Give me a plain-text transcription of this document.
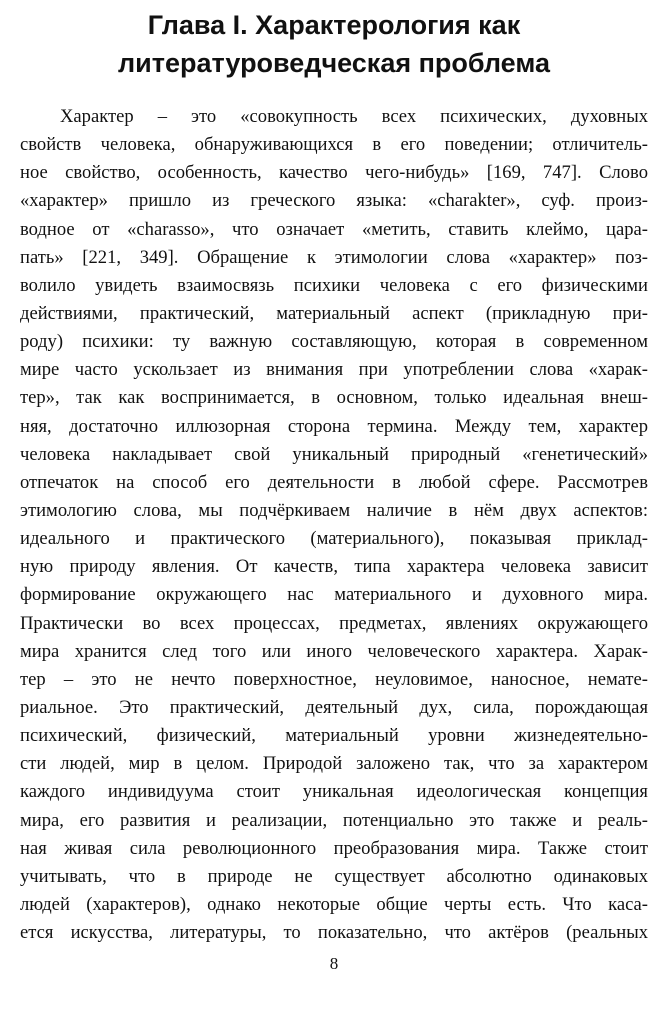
Глава I. Характерология как
литературоведческая проблема
Характер – это «совокупность всех психических, духовных
свойств человека, обнаруживающихся в его поведении; отличитель-
ное свойство, особенность, качество чего-нибудь» [169, 747]. Слово
«характер» пришло из греческого языка: «charakter», суф. произ-
водное от «charasso», что означает «метить, ставить клеймо, цара-
пать» [221, 349]. Обращение к этимологии слова «характер» поз-
волило увидеть взаимосвязь психики человека с его физическими
действиями, практический, материальный аспект (прикладную при-
роду) психики: ту важную составляющую, которая в современном
мире часто ускользает из внимания при употреблении слова «харак-
тер», так как воспринимается, в основном, только идеальная внеш-
няя, достаточно иллюзорная сторона термина. Между тем, характер
человека накладывает свой уникальный природный «генетический»
отпечаток на способ его деятельности в любой сфере. Рассмотрев
этимологию слова, мы подчёркиваем наличие в нём двух аспектов:
идеального и практического (материального), показывая приклад-
ную природу явления. От качеств, типа характера человека зависит
формирование окружающего нас материального и духовного мира.
Практически во всех процессах, предметах, явлениях окружающего
мира хранится след того или иного человеческого характера. Харак-
тер – это не нечто поверхностное, неуловимое, наносное, немате-
риальное. Это практический, деятельный дух, сила, порождающая
психический, физический, материальный уровни жизнедеятельно-
сти людей, мир в целом. Природой заложено так, что за характером
каждого индивидуума стоит уникальная идеологическая концепция
мира, его развития и реализации, потенциально это также и реаль-
ная живая сила революционного преобразования мира. Также стоит
учитывать, что в природе не существует абсолютно одинаковых
людей (характеров), однако некоторые общие черты есть. Что каса-
ется искусства, литературы, то показательно, что актёров (реальных
8
